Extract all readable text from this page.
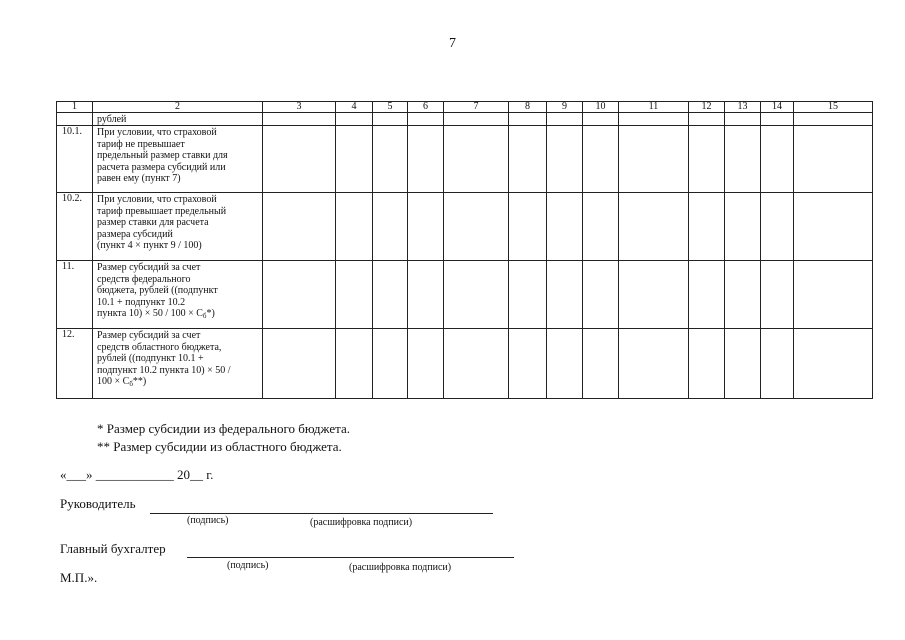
7
1	2	3	4	5	6	7	8	9	10	11	12	13	14	15
	рублей													
10.1.	При условии, что страховой
тариф не превышает
предельный размер ставки для
расчета размера субсидий или
равен ему (пункт 7)													

10.2.	При условии, что страховой
тариф превышает предельный
размер ставки для расчета
размера субсидий
(пункт 4 × пункт 9 / 100)													

11.	Размер субсидий за счет
средств федерального
бюджета, рублей ((подпункт
10.1 + подпункт 10.2
пункта $10) \times 50 / 100 \times С_б*$)													

12.	Размер субсидий за счет
средств областного бюджета,
рублей ((подпункт 10.1 +
подпункт 10.2 пункта 10) × 50 /
$100 \times С_б**$)													

* Размер субсидии из федерального бюджета.
** Размер субсидии из областного бюджета.
«___» ____________ 20__ г.
Руководитель
(подпись)	(расшифровка подписи)
Главный бухгалтер
(подпись)	(расшифровка подписи)
М.П.».
